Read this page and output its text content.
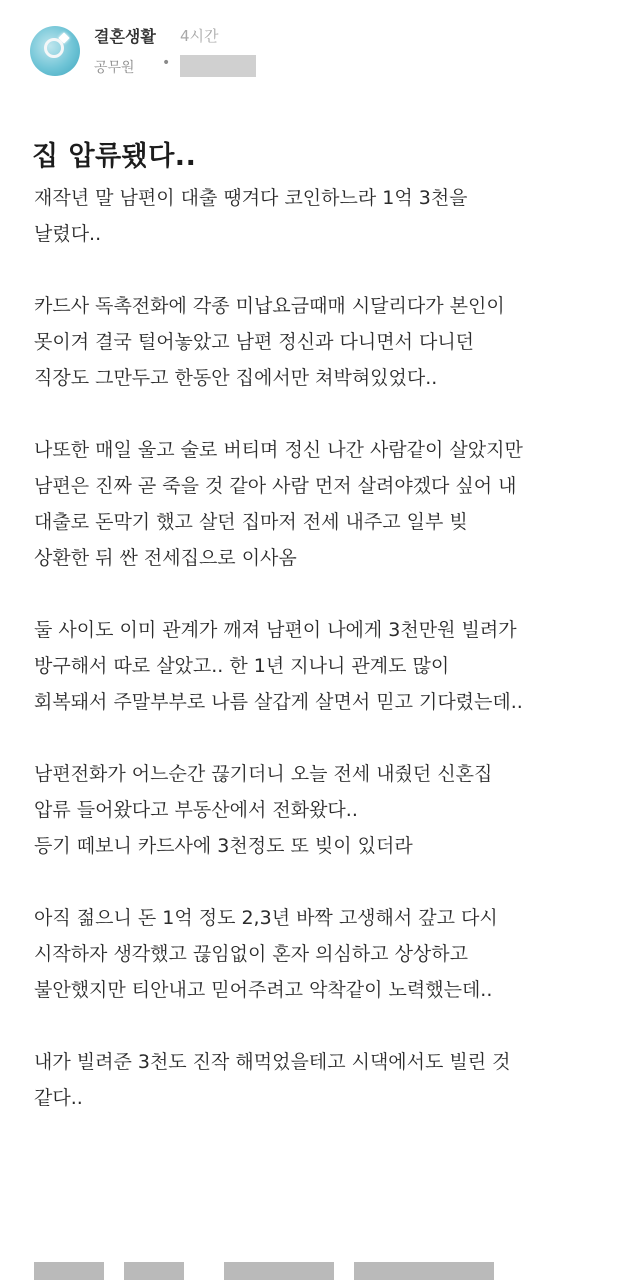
결혼생활 4시간
공무원 •
집 압류됐다..

재작년 말 남편이 대출 땡겨다 코인하느라 1억 3천을
날렸다..

카드사 독촉전화에 각종 미납요금때매 시달리다가 본인이
못이겨 결국 털어놓았고 남편 정신과 다니면서 다니던
직장도 그만두고 한동안 집에서만 쳐박혀있었다..

나또한 매일 울고 술로 버티며 정신 나간 사람같이 살았지만
남편은 진짜 곧 죽을 것 같아 사람 먼저 살려야겠다 싶어 내
대출로 돈막기 했고 살던 집마저 전세 내주고 일부 빚
상환한 뒤 싼 전세집으로 이사옴

둘 사이도 이미 관계가 깨져 남편이 나에게 3천만원 빌려가
방구해서 따로 살았고.. 한 1년 지나니 관계도 많이
회복돼서 주말부부로 나름 살갑게 살면서 믿고 기다렸는데..

남편전화가 어느순간 끊기더니 오늘 전세 내줬던 신혼집
압류 들어왔다고 부동산에서 전화왔다..
등기 떼보니 카드사에 3천정도 또 빚이 있더라

아직 젊으니 돈 1억 정도 2,3년 바짝 고생해서 갚고 다시
시작하자 생각했고 끊임없이 혼자 의심하고 상상하고
불안했지만 티안내고 믿어주려고 악착같이 노력했는데..

내가 빌려준 3천도 진작 해먹었을테고 시댁에서도 빌린 것
같다..
